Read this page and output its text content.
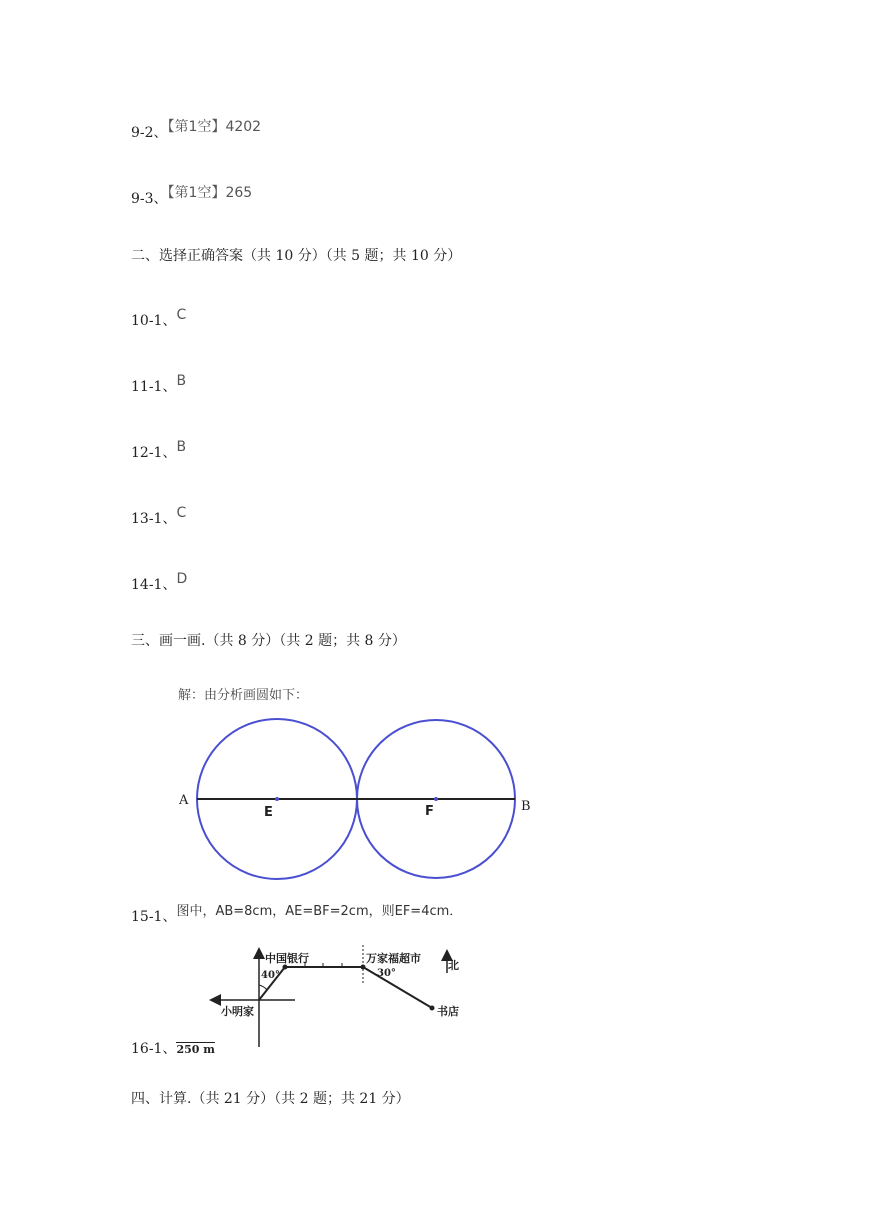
9-2、【第1空】4202
9-3、【第1空】265
二、选择正确答案（共 10 分）（共 5 题；共 10 分）
10-1、C
11-1、B
12-1、B
13-1、C
14-1、D
三、画一画.（共 8 分）（共 2 题；共 8 分）
解：由分析画圆如下：
A	B
E	F
15-1、图中，AB=8cm，AE=BF=2cm，则EF=4cm．
中国银行	万家福超市
北
40°	30°
小明家	书店
16-1、250 m
四、计算.（共 21 分）（共 2 题；共 21 分）
